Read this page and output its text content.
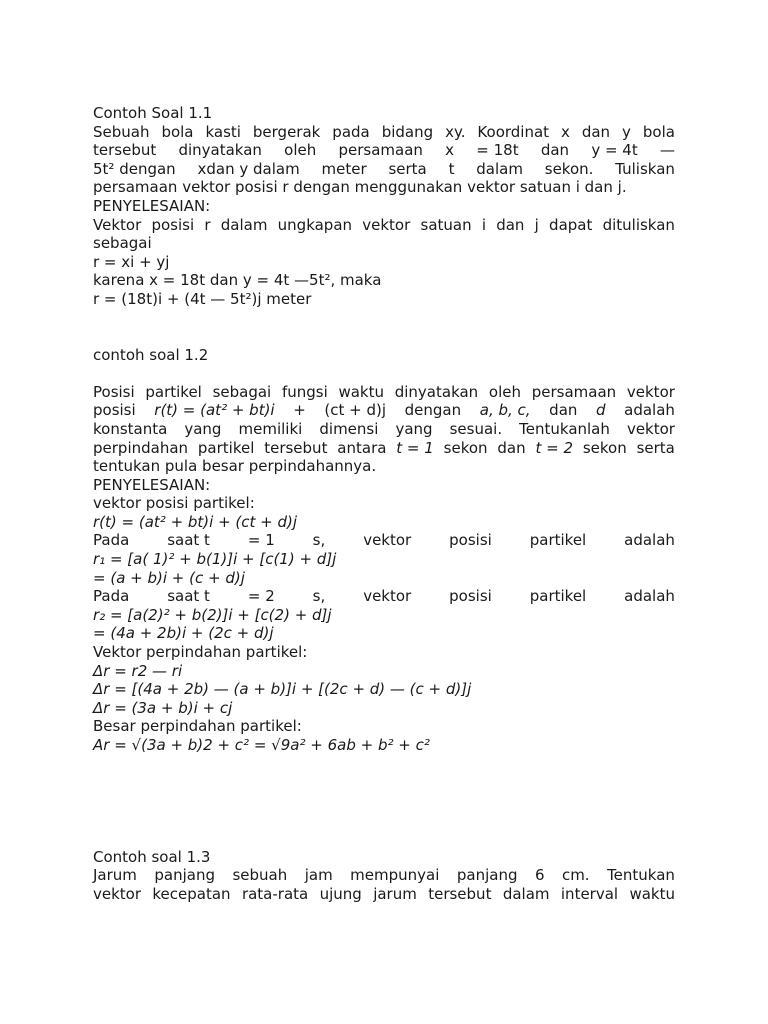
Contoh Soal 1.1
Sebuah bola kasti bergerak pada bidang xy. Koordinat x dan y bola
tersebut dinyatakan oleh persamaan x = 18t dan y = 4t —
5t² dengan xdan y dalam meter serta t dalam sekon. Tuliskan
persamaan vektor posisi r dengan menggunakan vektor satuan i dan j.
PENYELESAIAN:
Vektor posisi r dalam ungkapan vektor satuan i dan j dapat dituliskan
sebagai
r = xi + yj
karena x = 18t dan y = 4t —5t², maka
r = (18t)i + (4t — 5t²)j meter
contoh soal 1.2
Posisi partikel sebagai fungsi waktu dinyatakan oleh persamaan vektor
posisi r(t) = (at² + bt)i + (ct + d)j dengan a, b, c, dan d adalah
konstanta yang memiliki dimensi yang sesuai. Tentukanlah vektor
perpindahan partikel tersebut antara t = 1 sekon dan t = 2 sekon serta
tentukan pula besar perpindahannya.
PENYELESAIAN:
vektor posisi partikel:
r(t) = (at² + bt)i + (ct + d)j
Pada	saat t	= 1	s,	vektor	posisi	partikel	adalah
r₁ = [a( 1)² + b(1)]i + [c(1) + d]j
= (a + b)i + (c + d)j
Pada	saat t	= 2	s,	vektor	posisi	partikel	adalah
r₂ = [a(2)² + b(2)]i + [c(2) + d]j
= (4a + 2b)i + (2c + d)j
Vektor perpindahan partikel:
Δr = r2 — ri
Δr = [(4a + 2b) — (a + b)]i + [(2c + d) — (c + d)]j
Δr = (3a + b)i + cj
Besar perpindahan partikel:
Ar = √(3a + b)2 + c² = √9a² + 6ab + b² + c²
Contoh soal 1.3
Jarum panjang sebuah jam mempunyai panjang 6 cm. Tentukan
vektor kecepatan rata-rata ujung jarum tersebut dalam interval waktu
